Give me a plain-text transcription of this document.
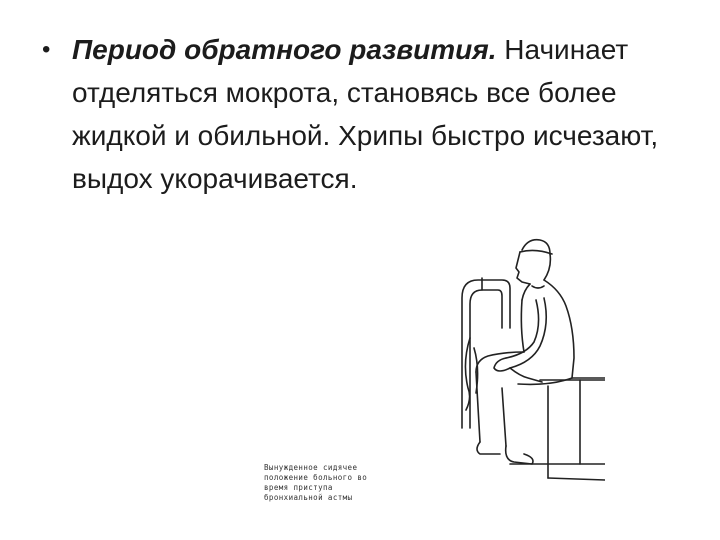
• Период обратного развития. Начинает отделяться мокрота, становясь все более жидкой и обильной. Хрипы быстро исчезают, выдох укорачивается.
Вынужденное сидячее положение больного во время приступа бронхиальной астмы
